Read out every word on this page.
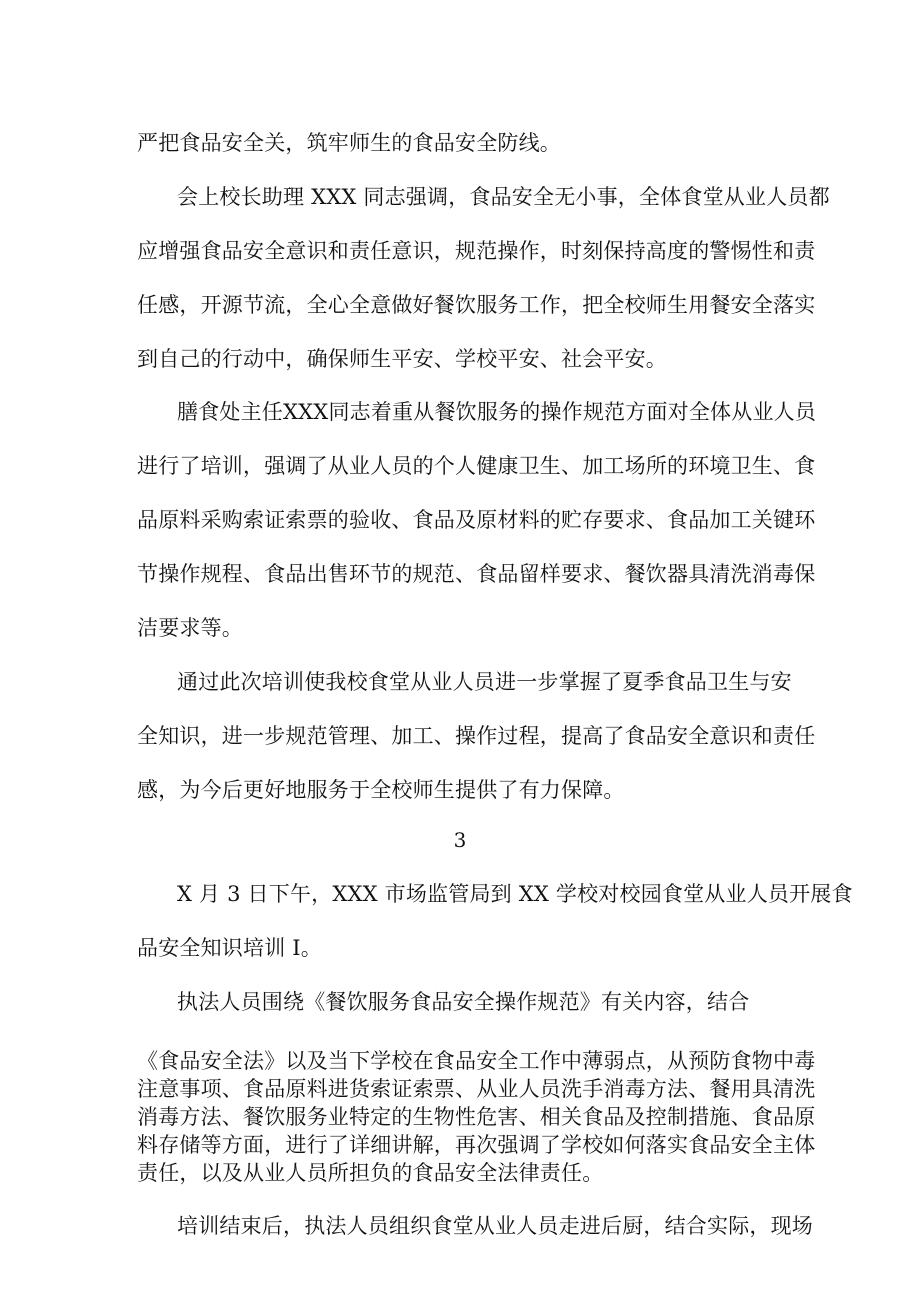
严把食品安全关，筑牢师生的食品安全防线。
会上校长助理 XXX 同志强调，食品安全无小事，全体食堂从业人员都
应增强食品安全意识和责任意识，规范操作，时刻保持高度的警惕性和责
任感，开源节流，全心全意做好餐饮服务工作，把全校师生用餐安全落实
到自己的行动中，确保师生平安、学校平安、社会平安。
膳食处主任XXX同志着重从餐饮服务的操作规范方面对全体从业人员
进行了培训，强调了从业人员的个人健康卫生、加工场所的环境卫生、食
品原料采购索证索票的验收、食品及原材料的贮存要求、食品加工关键环
节操作规程、食品出售环节的规范、食品留样要求、餐饮器具清洗消毒保
洁要求等。
通过此次培训使我校食堂从业人员进一步掌握了夏季食品卫生与安
全知识，进一步规范管理、加工、操作过程，提高了食品安全意识和责任
感，为今后更好地服务于全校师生提供了有力保障。
3
X 月 3 日下午，XXX 市场监管局到 XX 学校对校园食堂从业人员开展食
品安全知识培训 I。
执法人员围绕《餐饮服务食品安全操作规范》有关内容，结合
《食品安全法》以及当下学校在食品安全工作中薄弱点，从预防食物中毒
注意事项、食品原料进货索证索票、从业人员洗手消毒方法、餐用具清洗
消毒方法、餐饮服务业特定的生物性危害、相关食品及控制措施、食品原
料存储等方面，进行了详细讲解，再次强调了学校如何落实食品安全主体
责任，以及从业人员所担负的食品安全法律责任。
培训结束后，执法人员组织食堂从业人员走进后厨，结合实际，现场
